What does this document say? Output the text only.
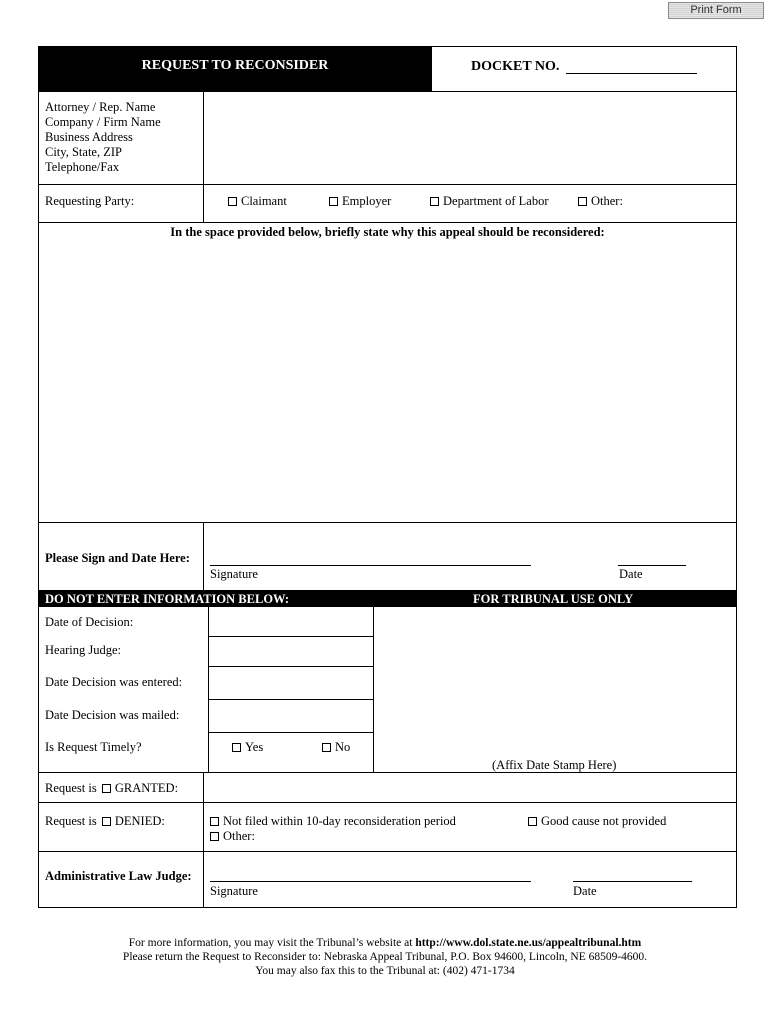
Print Form
REQUEST TO RECONSIDER	DOCKET NO.
Attorney / Rep. Name
Company / Firm Name
Business Address
City, State, ZIP
Telephone/Fax
Requesting Party:	Claimant	Employer	Department of Labor	Other:
In the space provided below, briefly state why this appeal should be reconsidered:
Please Sign and Date Here:
Signature	Date
DO NOT ENTER INFORMATION BELOW:	FOR TRIBUNAL USE ONLY
Date of Decision:
Hearing Judge:
Date Decision was entered:
Date Decision was mailed:
Is Request Timely?	Yes	No
(Affix Date Stamp Here)
Request is GRANTED:
Request is DENIED:	Not filed within 10-day reconsideration period	Good cause not provided
Other:
Administrative Law Judge:
Signature	Date
For more information, you may visit the Tribunal’s website at http://www.dol.state.ne.us/appealtribunal.htm
Please return the Request to Reconsider to: Nebraska Appeal Tribunal, P.O. Box 94600, Lincoln, NE 68509-4600.
You may also fax this to the Tribunal at: (402) 471-1734
